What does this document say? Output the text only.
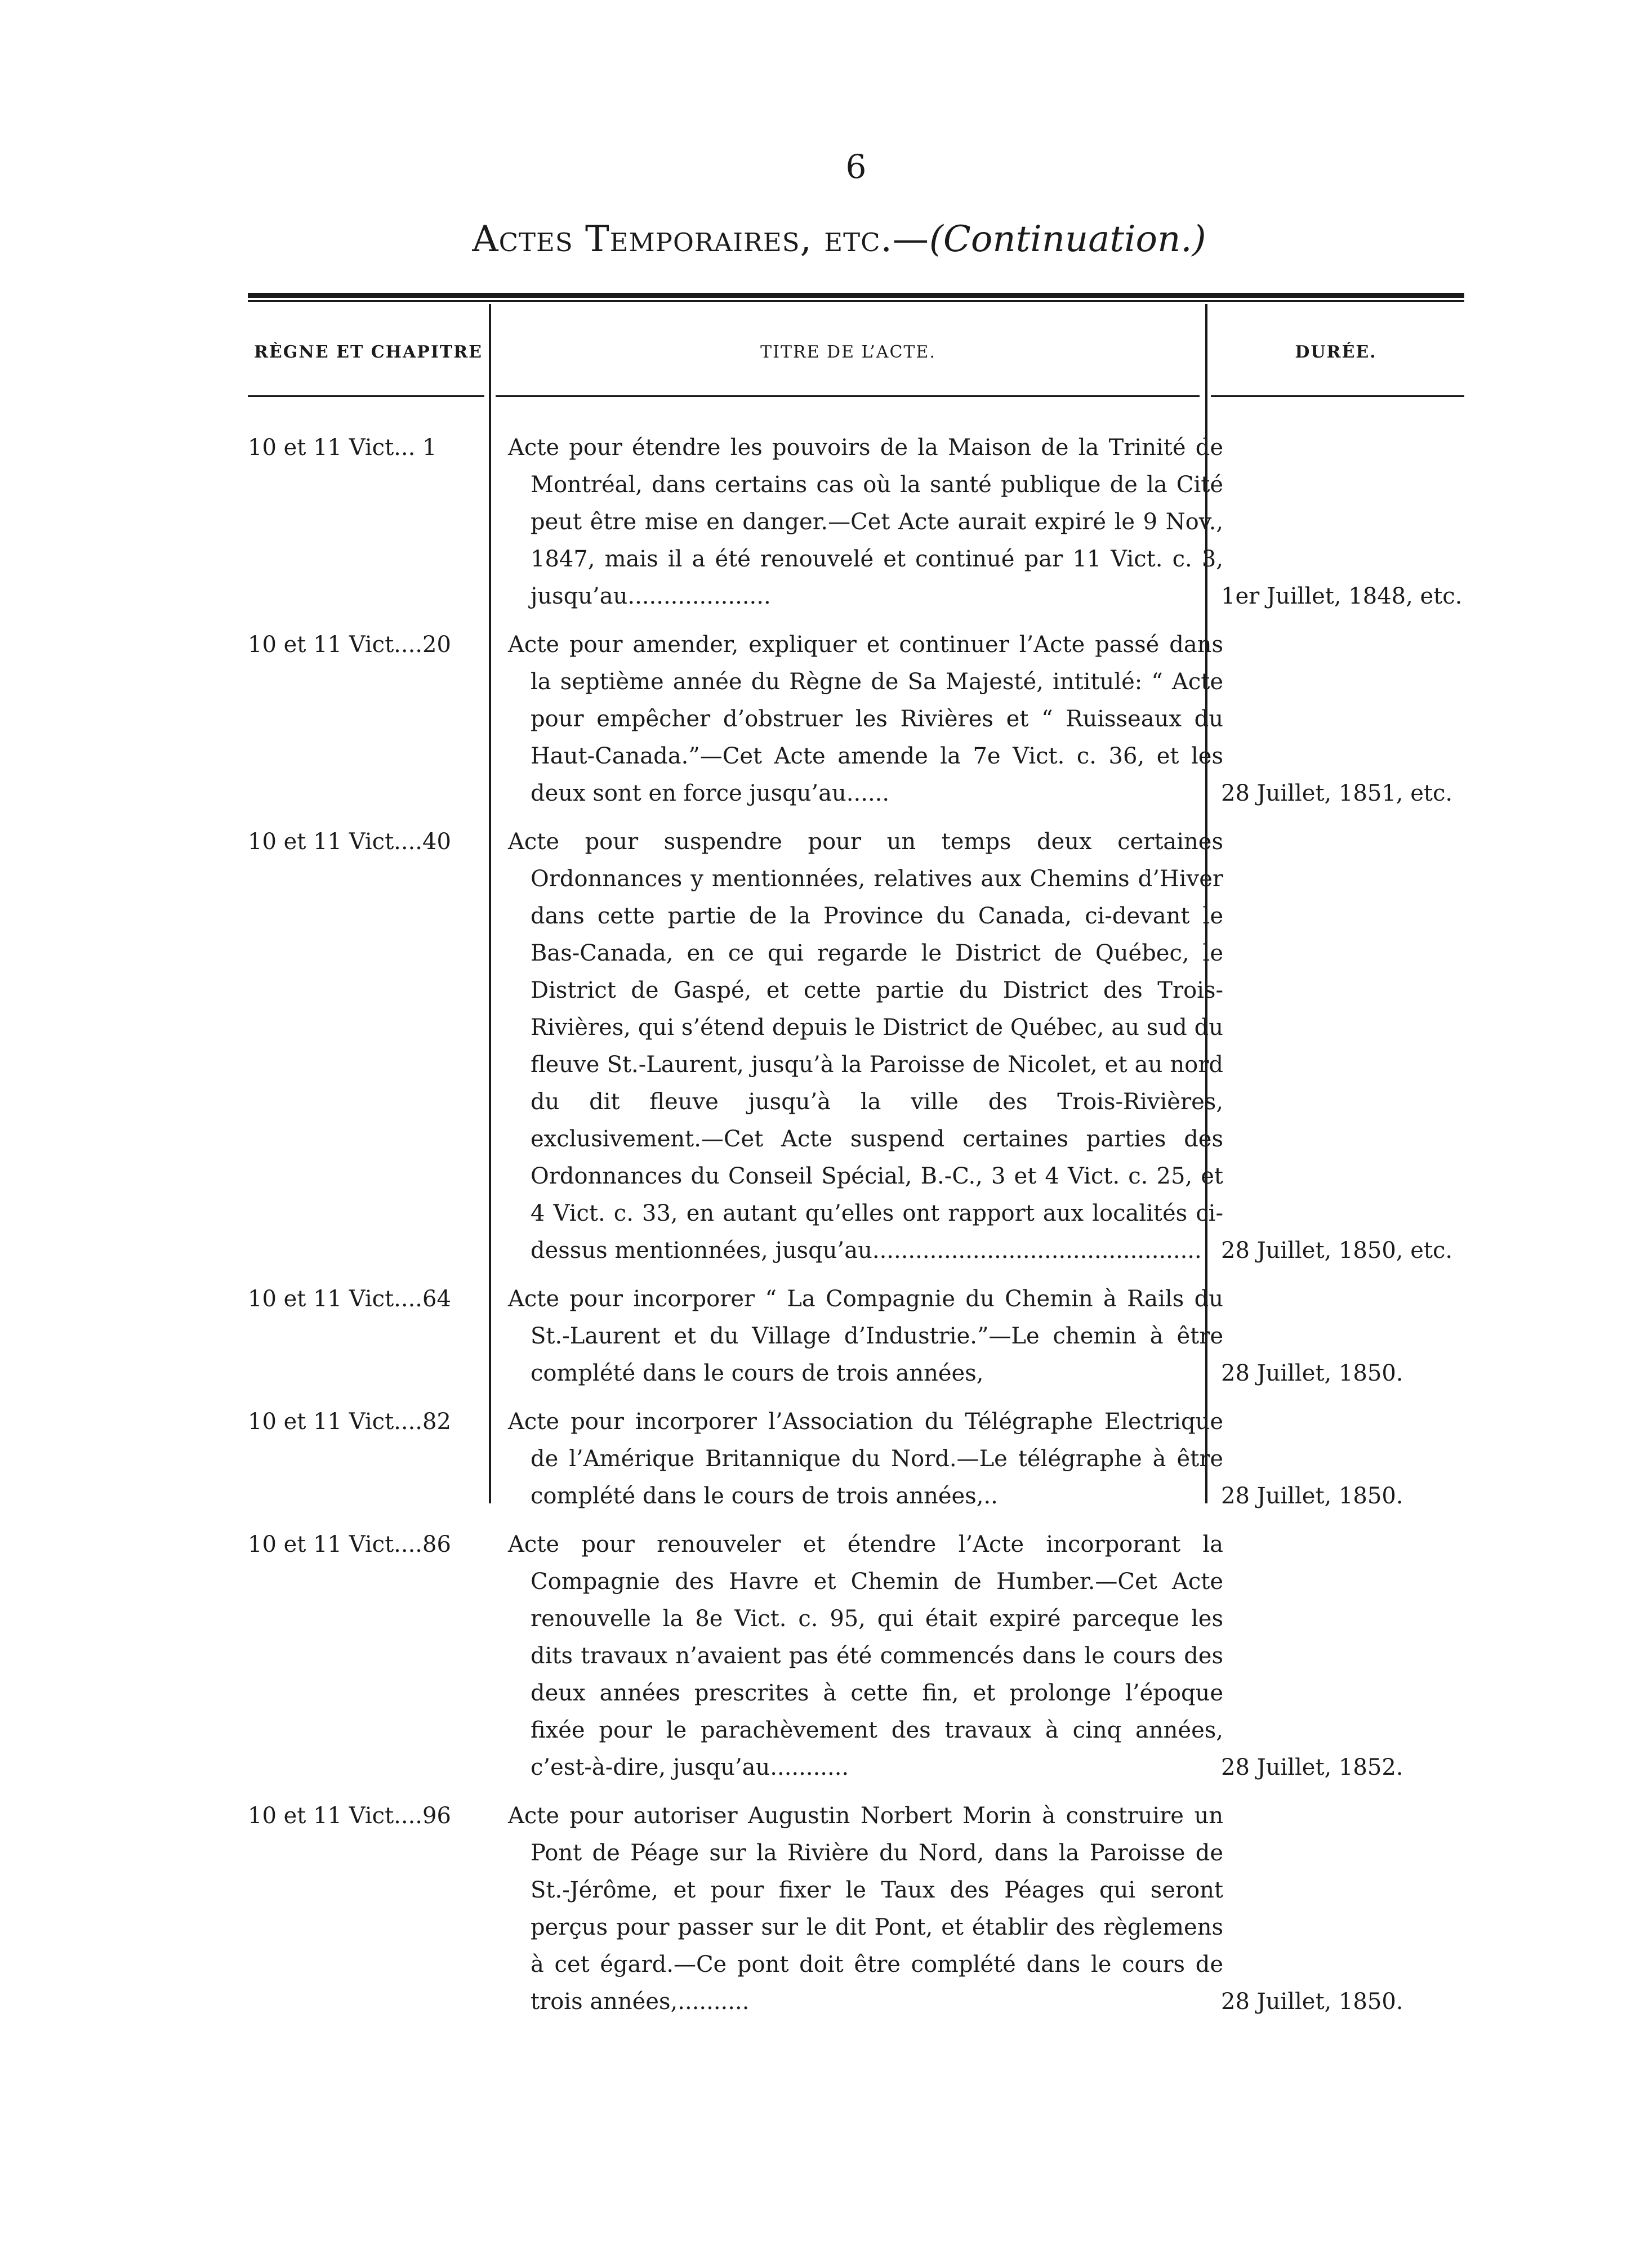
6
Actes Temporaires, etc.—(Continuation.)
RÈGNE ET CHAPITRE	TITRE DE L’ACTE.	DURÉE.
10 et 11 Vict... 1	Acte pour étendre les pouvoirs de la Maison de la Trinité de Montréal, dans certains cas où la santé publique de la Cité peut être mise en danger.—Cet Acte aurait expiré le 9 Nov., 1847, mais il a été renouvelé et continué par 11 Vict. c. 3, jusqu’au....................	1er Juillet, 1848, etc.
10 et 11 Vict....20	Acte pour amender, expliquer et continuer l’Acte passé dans la septième année du Règne de Sa Majesté, intitulé: “ Acte pour empêcher d’obstruer les Rivières et “ Ruisseaux du Haut-Canada.”—Cet Acte amende la 7e Vict. c. 36, et les deux sont en force jusqu’au......	28 Juillet, 1851, etc.
10 et 11 Vict....40	Acte pour suspendre pour un temps deux certaines Ordonnances y mentionnées, relatives aux Chemins d’Hiver dans cette partie de la Province du Canada, ci-devant le Bas-Canada, en ce qui regarde le District de Québec, le District de Gaspé, et cette partie du District des Trois-Rivières, qui s’étend depuis le District de Québec, au sud du fleuve St.-Laurent, jusqu’à la Paroisse de Nicolet, et au nord du dit fleuve jusqu’à la ville des Trois-Rivières, exclusivement.—Cet Acte suspend certaines parties des Ordonnances du Conseil Spécial, B.-C., 3 et 4 Vict. c. 25, et 4 Vict. c. 33, en autant qu’elles ont rapport aux localités ci-dessus mentionnées, jusqu’au.............................................. 28 Juillet, 1850, etc.
10 et 11 Vict....64	Acte pour incorporer “ La Compagnie du Chemin à Rails du St.-Laurent et du Village d’Industrie.”—Le chemin à être complété dans le cours de trois années,	28 Juillet, 1850.
10 et 11 Vict....82	Acte pour incorporer l’Association du Télégraphe Electrique de l’Amérique Britannique du Nord.—Le télégraphe à être complété dans le cours de trois années,..	28 Juillet, 1850.
10 et 11 Vict....86	Acte pour renouveler et étendre l’Acte incorporant la Compagnie des Havre et Chemin de Humber.—Cet Acte renouvelle la 8e Vict. c. 95, qui était expiré parceque les dits travaux n’avaient pas été commencés dans le cours des deux années prescrites à cette fin, et prolonge l’époque fixée pour le parachèvement des travaux à cinq années, c’est-à-dire, jusqu’au...........	28 Juillet, 1852.
10 et 11 Vict....96	Acte pour autoriser Augustin Norbert Morin à construire un Pont de Péage sur la Rivière du Nord, dans la Paroisse de St.-Jérôme, et pour fixer le Taux des Péages qui seront perçus pour passer sur le dit Pont, et établir des règlemens à cet égard.—Ce pont doit être complété dans le cours de trois années,..........	28 Juillet, 1850.
